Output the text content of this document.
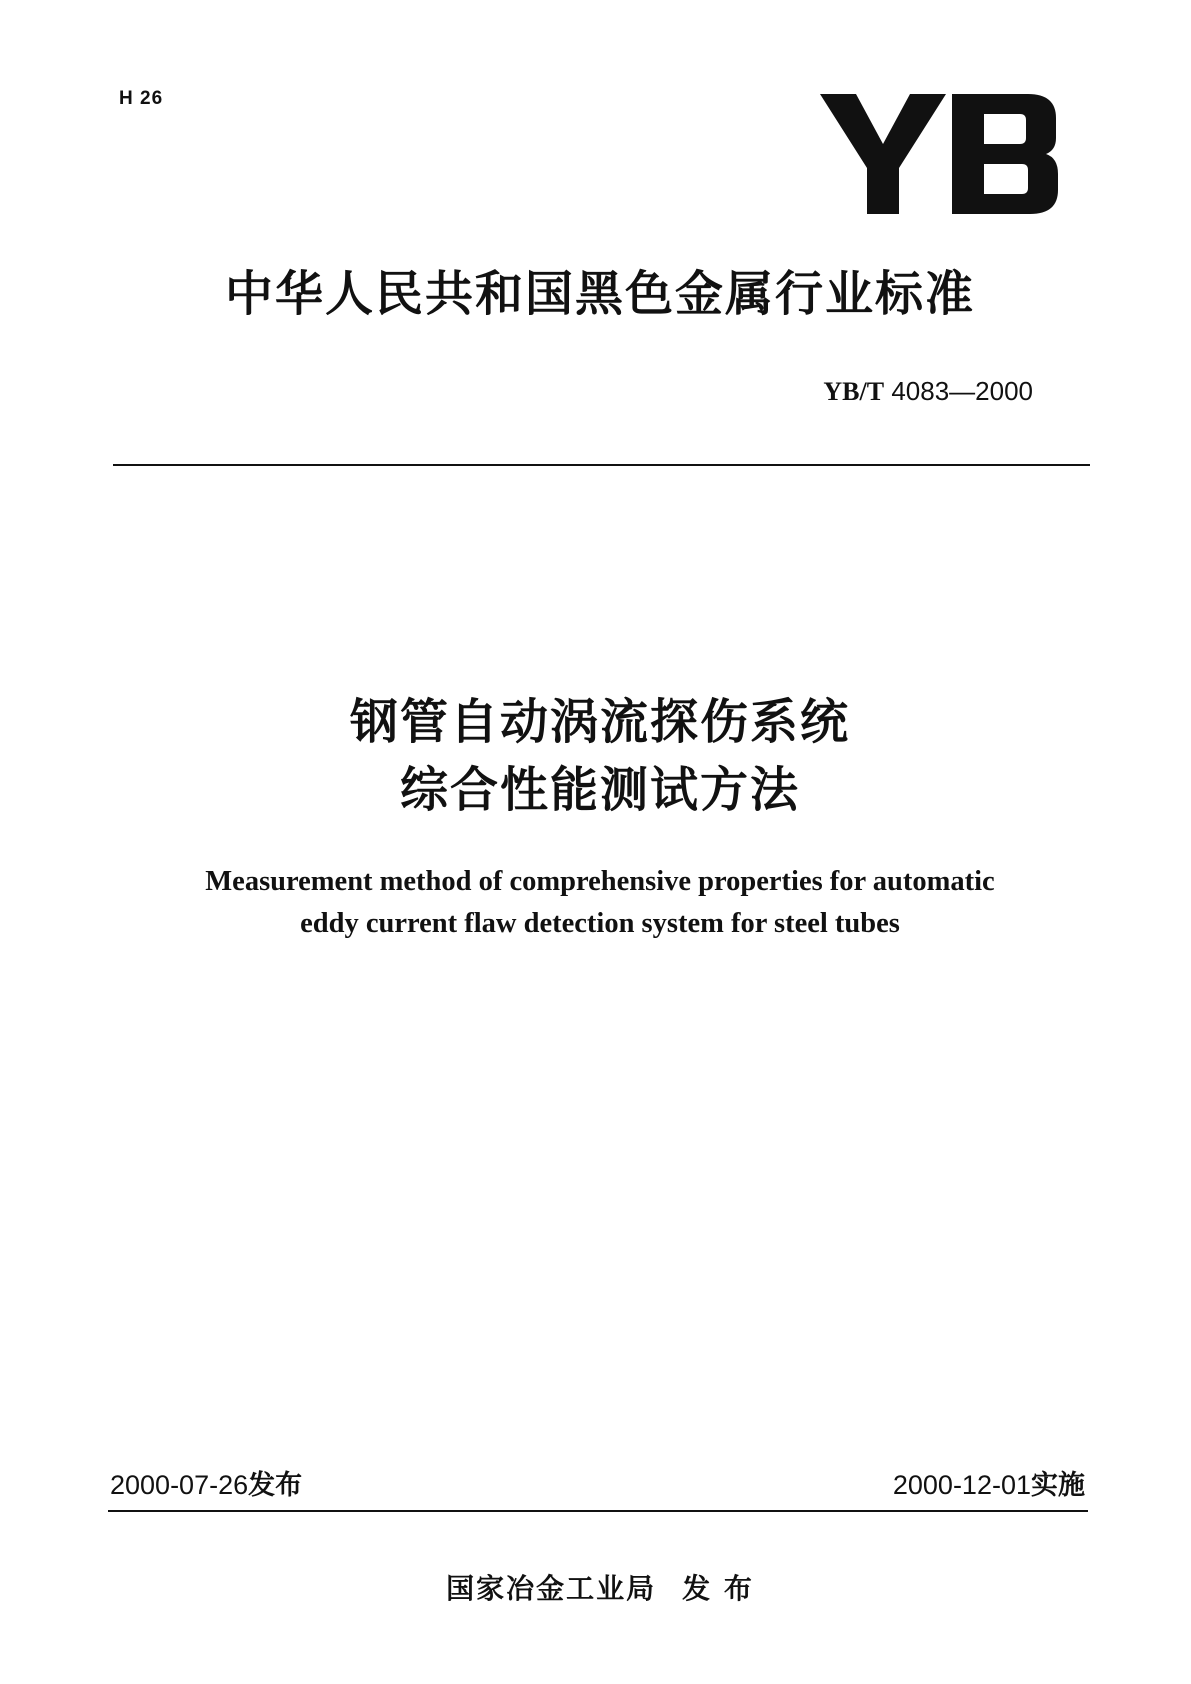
H 26
中华人民共和国黑色金属行业标准
YB/T 4083—2000
钢管自动涡流探伤系统
综合性能测试方法
Measurement method of comprehensive properties for automatic
eddy current flaw detection system for steel tubes
2000-07-26发布	2000-12-01实施
国家冶金工业局 发 布
